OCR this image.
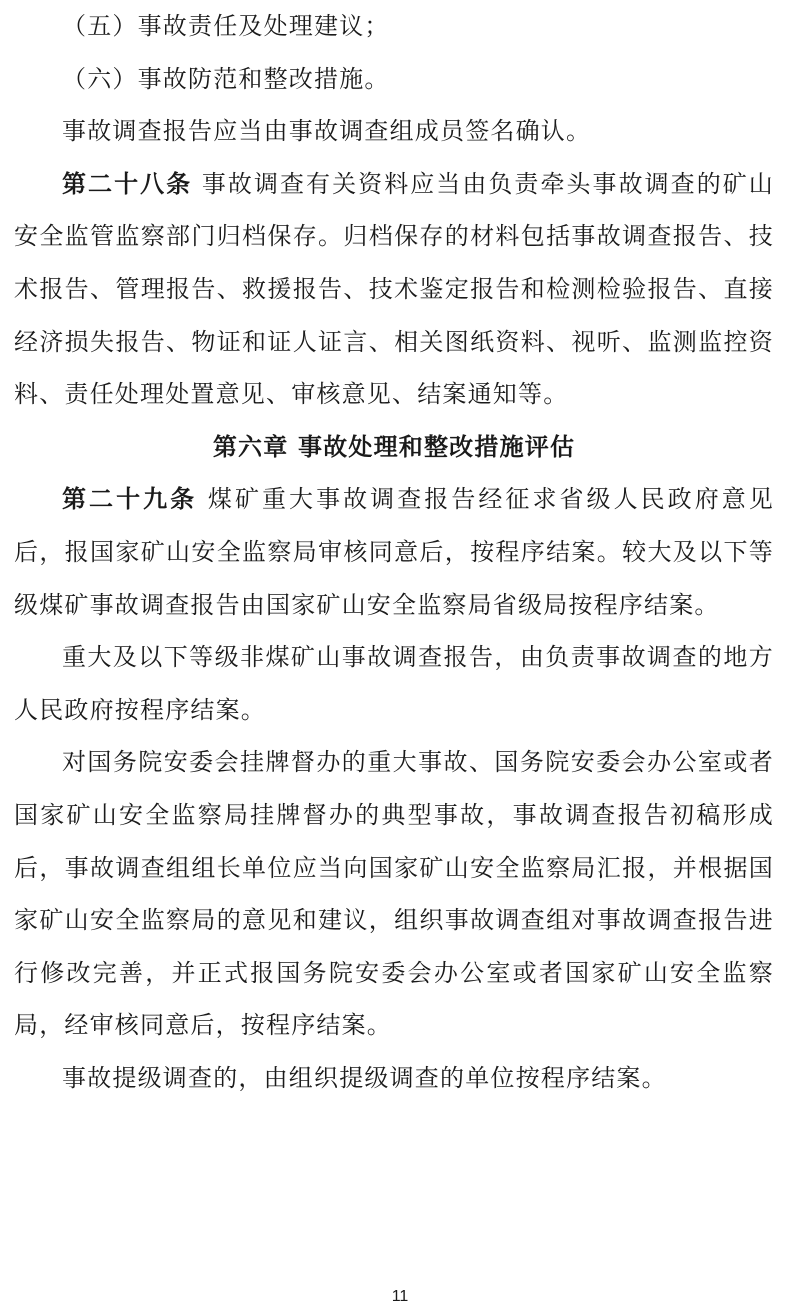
（五）事故责任及处理建议；

（六）事故防范和整改措施。

事故调查报告应当由事故调查组成员签名确认。

第二十八条 事故调查有关资料应当由负责牵头事故调查的矿山安全监管监察部门归档保存。归档保存的材料包括事故调查报告、技术报告、管理报告、救援报告、技术鉴定报告和检测检验报告、直接经济损失报告、物证和证人证言、相关图纸资料、视听、监测监控资料、责任处理处置意见、审核意见、结案通知等。

第六章 事故处理和整改措施评估

第二十九条 煤矿重大事故调查报告经征求省级人民政府意见后，报国家矿山安全监察局审核同意后，按程序结案。较大及以下等级煤矿事故调查报告由国家矿山安全监察局省级局按程序结案。

重大及以下等级非煤矿山事故调查报告，由负责事故调查的地方人民政府按程序结案。

对国务院安委会挂牌督办的重大事故、国务院安委会办公室或者国家矿山安全监察局挂牌督办的典型事故，事故调查报告初稿形成后，事故调查组组长单位应当向国家矿山安全监察局汇报，并根据国家矿山安全监察局的意见和建议，组织事故调查组对事故调查报告进行修改完善，并正式报国务院安委会办公室或者国家矿山安全监察局，经审核同意后，按程序结案。

事故提级调查的，由组织提级调查的单位按程序结案。

11
